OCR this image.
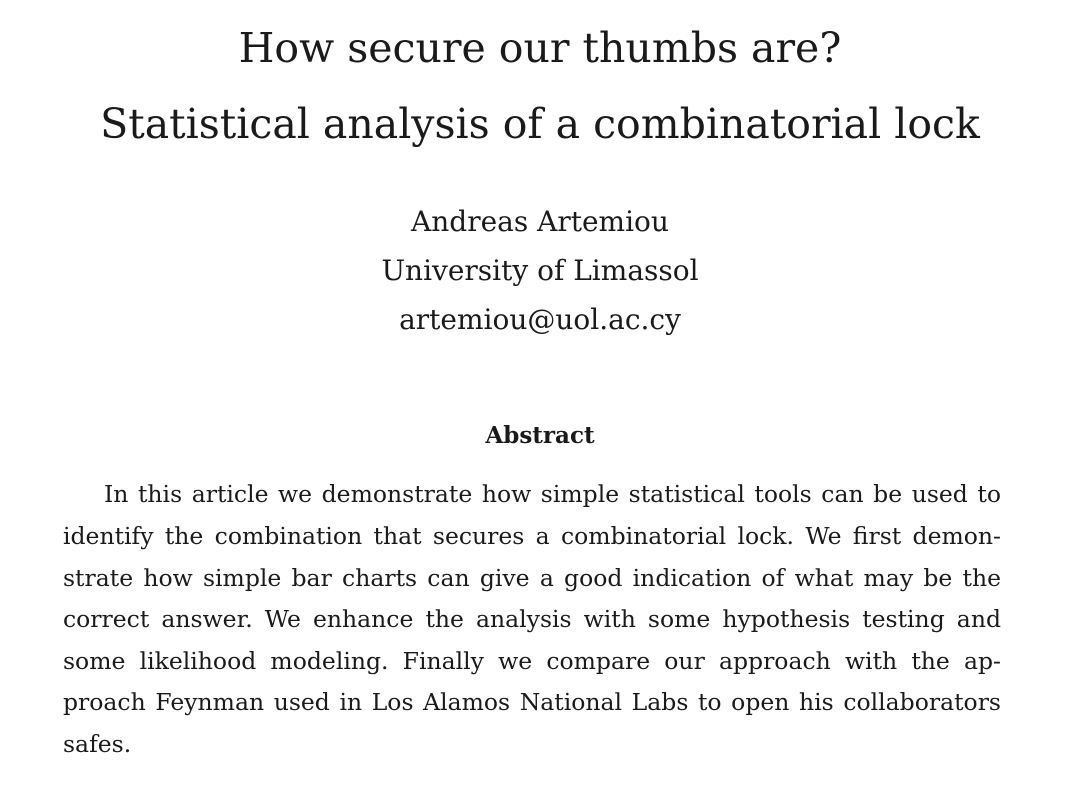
How secure our thumbs are?
Statistical analysis of a combinatorial lock
Andreas Artemiou
University of Limassol
artemiou@uol.ac.cy
Abstract
In this article we demonstrate how simple statistical tools can be used to
identify the combination that secures a combinatorial lock. We first demon-
strate how simple bar charts can give a good indication of what may be the
correct answer. We enhance the analysis with some hypothesis testing and
some likelihood modeling. Finally we compare our approach with the ap-
proach Feynman used in Los Alamos National Labs to open his collaborators
safes.
